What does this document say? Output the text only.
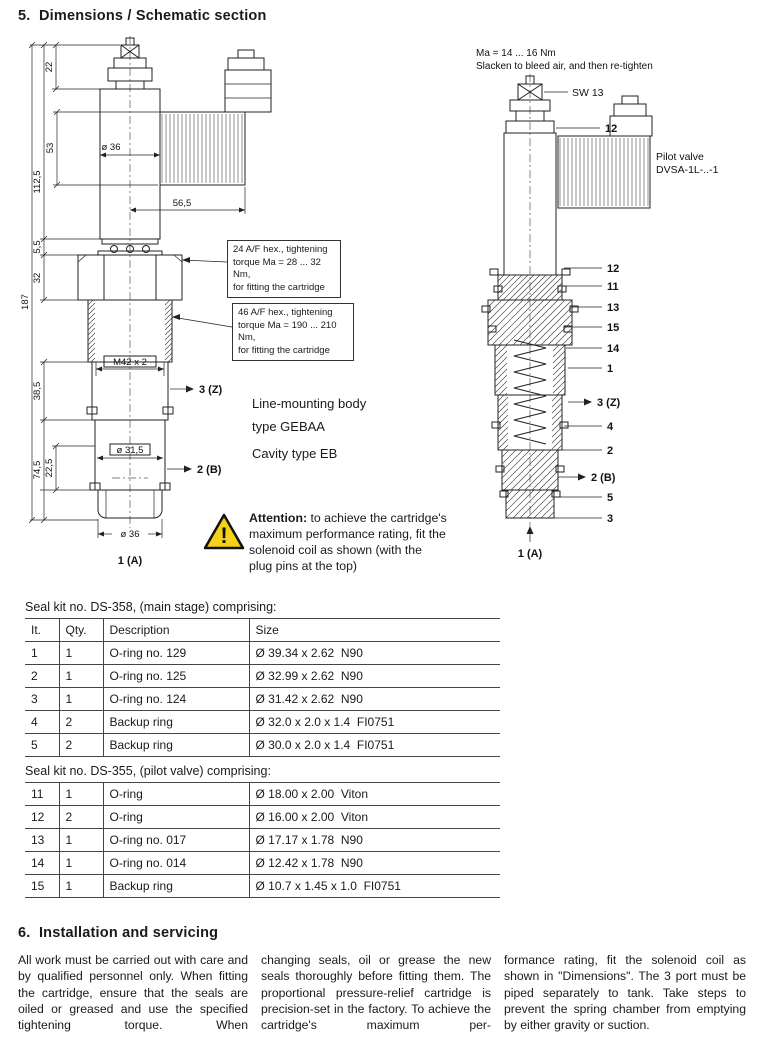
5.  Dimensions / Schematic section
22
112,5
53
187
5,5
32
38,5
74,5 22,5
ø 36
56,5
M42 x 2
3 (Z)
ø 31,5
2 (B)
ø 36
1 (A)
24 A/F hex., tightening
torque Ma = 28 ... 32 Nm,
for fitting the cartridge
46 A/F hex., tightening
torque Ma = 190 ... 210 Nm,
for fitting the cartridge
Line-mounting body
type GEBAA
Cavity type EB
!
Attention: to achieve the cartridge's maximum performance rating, fit the solenoid coil as shown (with the plug pins at the top)
Ma = 14 ... 16 Nm
Slacken to bleed air, and then re-tighten
SW 13
12
Pilot valve
DVSA-1L-..-1
12
11
13
15
14
1
3 (Z)
4
2
2 (B)
5
3
1 (A)
Seal kit no. DS-358, (main stage) comprising:
It.	Qty.	Description	Size
1	1	O-ring no. 129	Ø 39.34 x 2.62  N90
2	1	O-ring no. 125	Ø 32.99 x 2.62  N90
3	1	O-ring no. 124	Ø 31.42 x 2.62  N90
4	2	Backup ring	Ø 32.0 x 2.0 x 1.4  FI0751
5	2	Backup ring	Ø 30.0 x 2.0 x 1.4  FI0751
Seal kit no. DS-355, (pilot valve) comprising:
11	1	O-ring	Ø 18.00 x 2.00  Viton
12	2	O-ring	Ø 16.00 x 2.00  Viton
13	1	O-ring no. 017	Ø 17.17 x 1.78  N90
14	1	O-ring no. 014	Ø 12.42 x 1.78  N90
15	1	Backup ring	Ø 10.7 x 1.45 x 1.0  FI0751
6.  Installation and servicing
All work must be carried out with care and by qualified personnel only. When fitting the cartridge, ensure that the seals are oiled or greased and use the specified tightening torque. When
changing seals, oil or grease the new seals thoroughly before fitting them. The proportional pressure-relief cartridge is precision-set in the factory. To achieve the cartridge's maximum per-
formance rating, fit the solenoid coil as shown in "Dimensions". The 3 port must be piped separately to tank. Take steps to prevent the spring chamber from emptying by either gravity or suction.
